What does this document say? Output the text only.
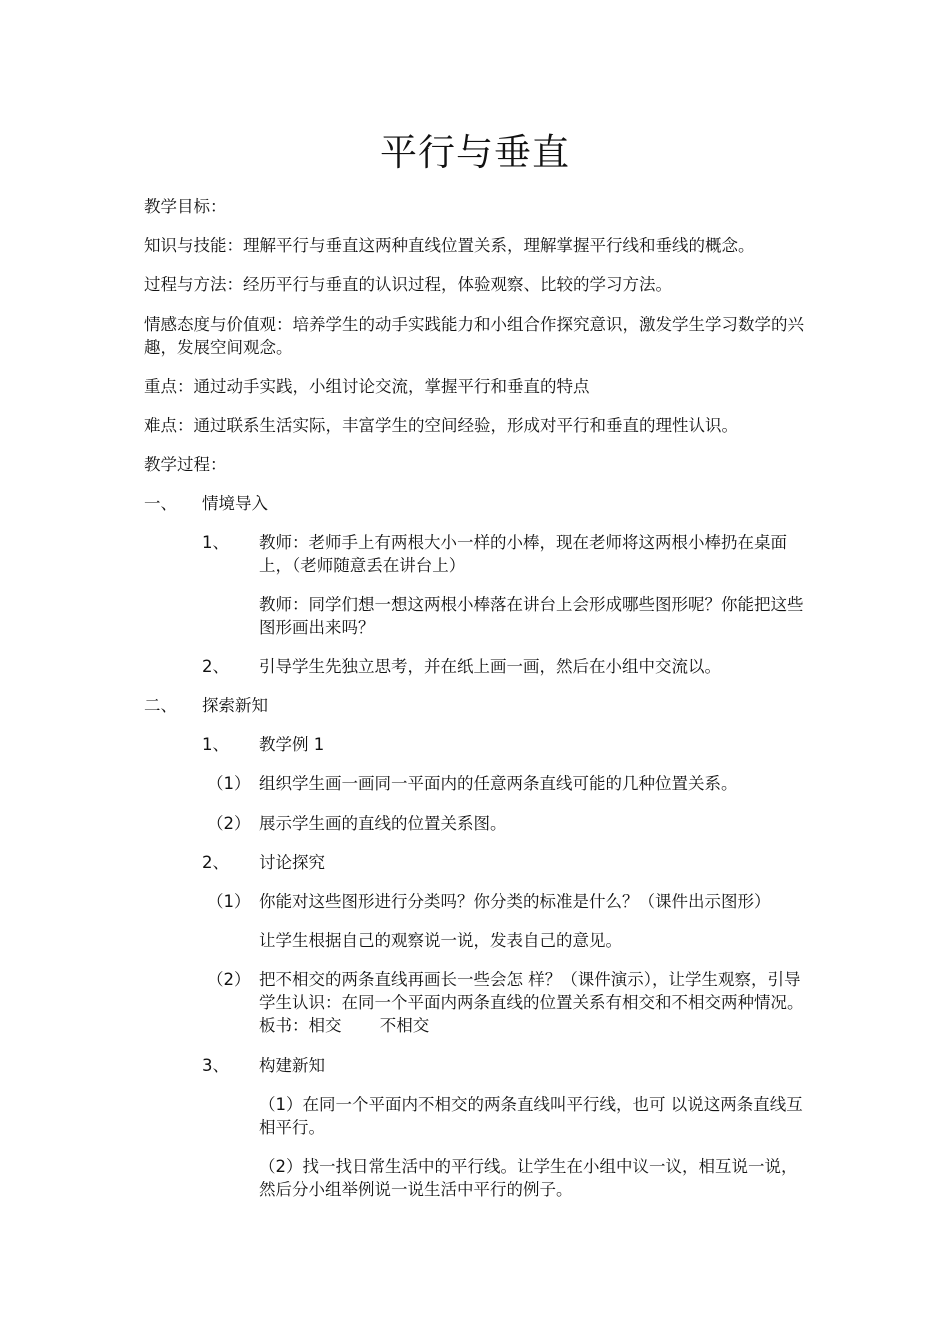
平行与垂直
教学目标：
知识与技能：理解平行与垂直这两种直线位置关系，理解掌握平行线和垂线的概念。
过程与方法：经历平行与垂直的认识过程，体验观察、比较的学习方法。
情感态度与价值观：培养学生的动手实践能力和小组合作探究意识，激发学生学习数学的兴趣，发展空间观念。
重点：通过动手实践，小组讨论交流，掌握平行和垂直的特点
难点：通过联系生活实际，丰富学生的空间经验，形成对平行和垂直的理性认识。
教学过程：
一、 情境导入
1、 教师：老师手上有两根大小一样的小棒，现在老师将这两根小棒扔在桌面上，（老师随意丢在讲台上）
教师：同学们想一想这两根小棒落在讲台上会形成哪些图形呢？你能把这些图形画出来吗？
2、 引导学生先独立思考，并在纸上画一画，然后在小组中交流以。
二、 探索新知
1、 教学例 1
（1） 组织学生画一画同一平面内的任意两条直线可能的几种位置关系。
（2） 展示学生画的直线的位置关系图。
2、 讨论探究
（1） 你能对这些图形进行分类吗？你分类的标准是什么？（课件出示图形）
让学生根据自己的观察说一说，发表自己的意见。
（2） 把不相交的两条直线再画长一些会怎 样？（课件演示），让学生观察，引导学生认识：在同一个平面内两条直线的位置关系有相交和不相交两种情况。板书：相交　　 不相交
3、 构建新知
（1）在同一个平面内不相交的两条直线叫平行线，也可 以说这两条直线互相平行。
（2）找一找日常生活中的平行线。让学生在小组中议一议，相互说一说，然后分小组举例说一说生活中平行的例子。
